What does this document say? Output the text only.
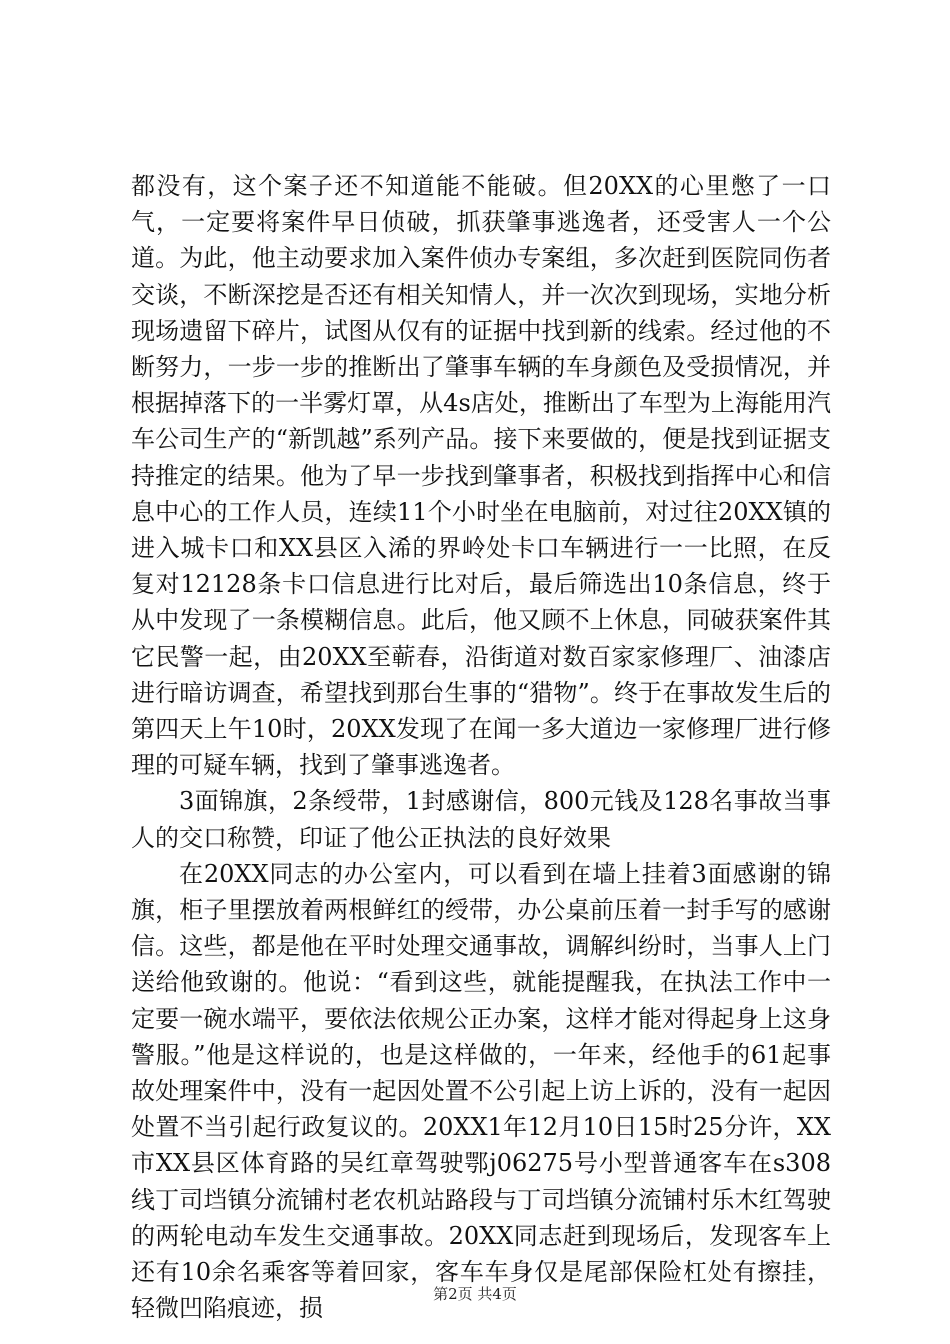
都没有，这个案子还不知道能不能破。但20XX的心里憋了一口气，一定要将案件早日侦破，抓获肇事逃逸者，还受害人一个公道。为此，他主动要求加入案件侦办专案组，多次赶到医院同伤者交谈，不断深挖是否还有相关知情人，并一次次到现场，实地分析现场遗留下碎片，试图从仅有的证据中找到新的线索。经过他的不断努力，一步一步的推断出了肇事车辆的车身颜色及受损情况，并根据掉落下的一半雾灯罩，从4s店处，推断出了车型为上海能用汽车公司生产的“新凯越”系列产品。接下来要做的，便是找到证据支持推定的结果。他为了早一步找到肇事者，积极找到指挥中心和信息中心的工作人员，连续11个小时坐在电脑前，对过往20XX镇的进入城卡口和XX县区入浠的界岭处卡口车辆进行一一比照，在反复对12128条卡口信息进行比对后，最后筛选出10条信息，终于从中发现了一条模糊信息。此后，他又顾不上休息，同破获案件其它民警一起，由20XX至蕲春，沿街道对数百家家修理厂、油漆店进行暗访调查，希望找到那台生事的“猎物”。终于在事故发生后的第四天上午10时，20XX发现了在闻一多大道边一家修理厂进行修理的可疑车辆，找到了肇事逃逸者。

3面锦旗，2条绶带，1封感谢信，800元钱及128名事故当事人的交口称赞，印证了他公正执法的良好效果

在20XX同志的办公室内，可以看到在墙上挂着3面感谢的锦旗，柜子里摆放着两根鲜红的绶带，办公桌前压着一封手写的感谢信。这些，都是他在平时处理交通事故，调解纠纷时，当事人上门送给他致谢的。他说：“看到这些，就能提醒我，在执法工作中一定要一碗水端平，要依法依规公正办案，这样才能对得起身上这身警服。”他是这样说的，也是这样做的，一年来，经他手的61起事故处理案件中，没有一起因处置不公引起上访上诉的，没有一起因处置不当引起行政复议的。20XX1年12月10日15时25分许，XX市XX县区体育路的吴红章驾驶鄂j06275号小型普通客车在s308线丁司垱镇分流铺村老农机站路段与丁司垱镇分流铺村乐木红驾驶的两轮电动车发生交通事故。20XX同志赶到现场后，发现客车上还有10余名乘客等着回家，客车车身仅是尾部保险杠处有擦挂，轻微凹陷痕迹，损

第2页 共4页
